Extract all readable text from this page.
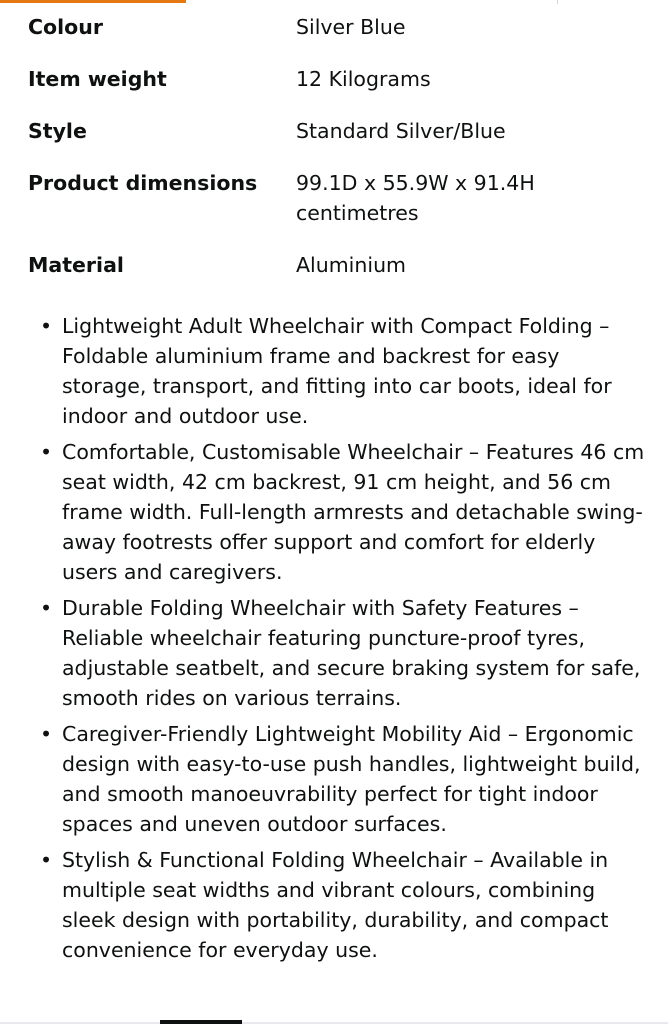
Colour	Silver Blue
Item weight	12 Kilograms
Style	Standard Silver/Blue
Product dimensions	99.1D x 55.9W x 91.4H centimetres
Material	Aluminium
• Lightweight Adult Wheelchair with Compact Folding – Foldable aluminium frame and backrest for easy storage, transport, and fitting into car boots, ideal for indoor and outdoor use.
• Comfortable, Customisable Wheelchair – Features 46 cm seat width, 42 cm backrest, 91 cm height, and 56 cm frame width. Full-length armrests and detachable swing-away footrests offer support and comfort for elderly users and caregivers.
• Durable Folding Wheelchair with Safety Features – Reliable wheelchair featuring puncture-proof tyres, adjustable seatbelt, and secure braking system for safe, smooth rides on various terrains.
• Caregiver-Friendly Lightweight Mobility Aid – Ergonomic design with easy-to-use push handles, lightweight build, and smooth manoeuvrability perfect for tight indoor spaces and uneven outdoor surfaces.
• Stylish & Functional Folding Wheelchair – Available in multiple seat widths and vibrant colours, combining sleek design with portability, durability, and compact convenience for everyday use.
